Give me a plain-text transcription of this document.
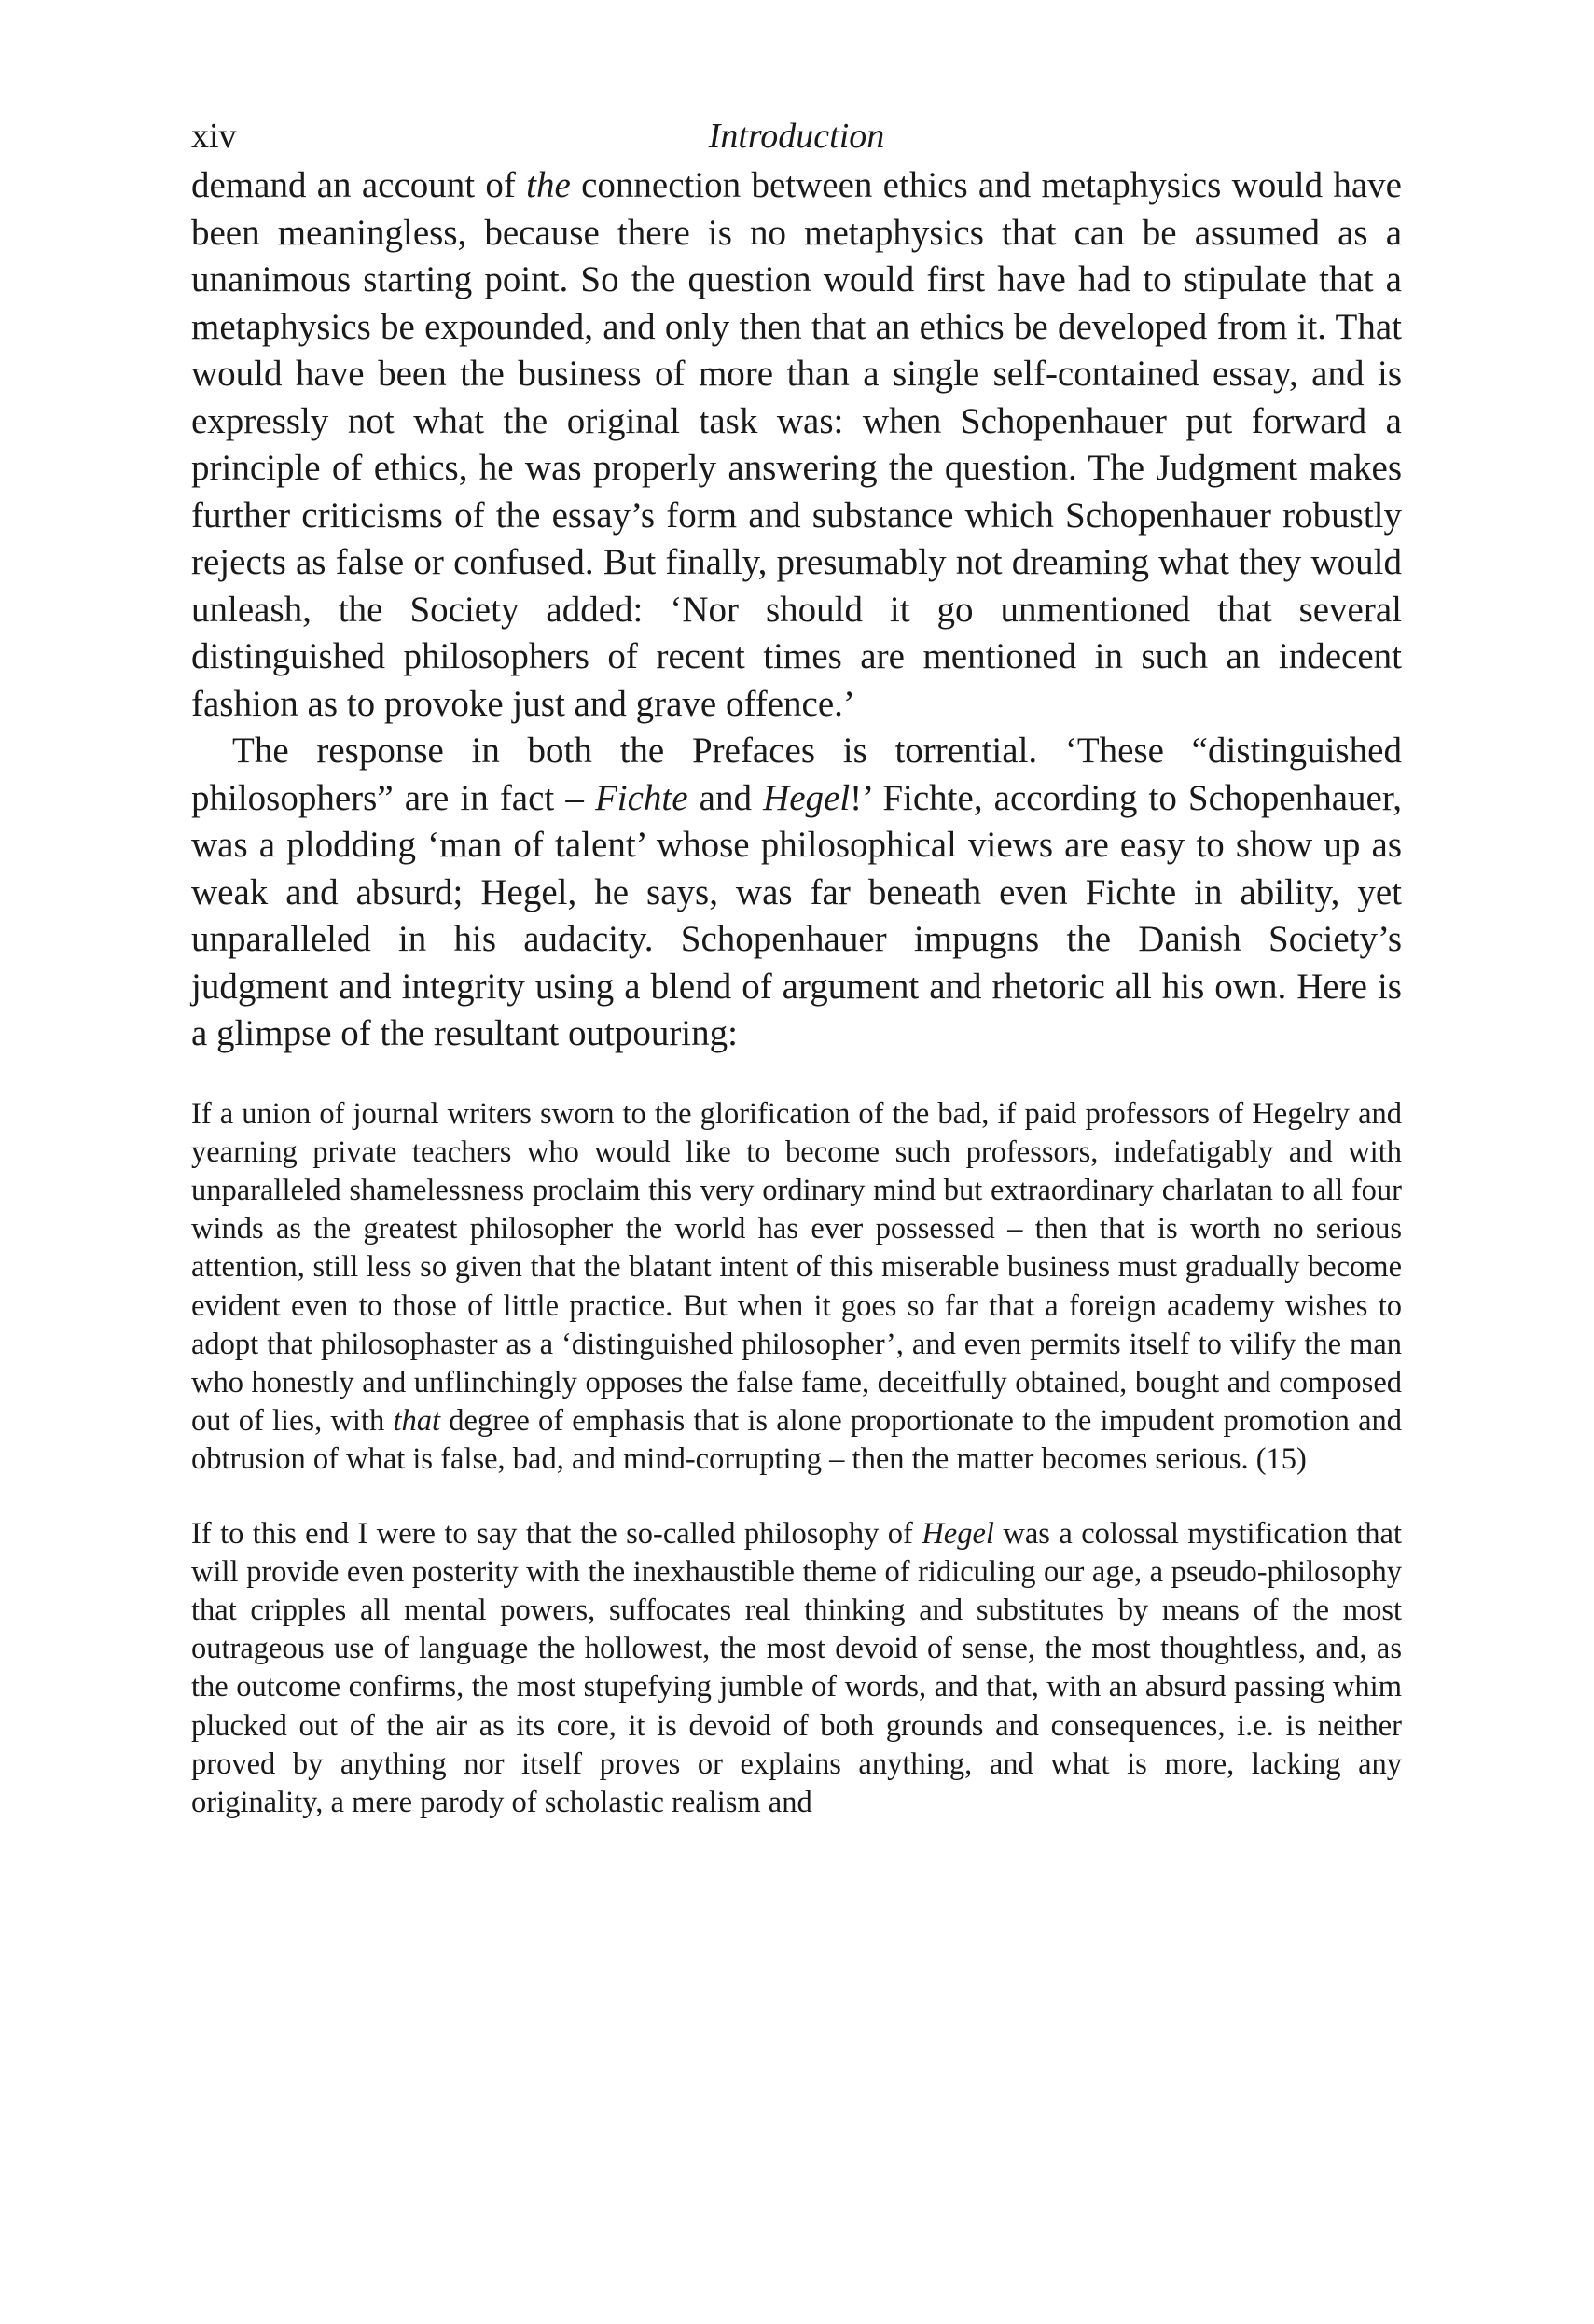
xiv	Introduction

demand an account of the connection between ethics and metaphysics would have been meaningless, because there is no metaphysics that can be assumed as a unanimous starting point. So the question would first have had to stipulate that a metaphysics be expounded, and only then that an ethics be developed from it. That would have been the business of more than a single self-contained essay, and is expressly not what the original task was: when Schopenhauer put forward a principle of ethics, he was properly answering the question. The Judgment makes further criticisms of the essay’s form and substance which Schopenhauer robustly rejects as false or confused. But finally, presumably not dreaming what they would unleash, the Society added: ‘Nor should it go unmentioned that several distinguished philosophers of recent times are mentioned in such an indecent fashion as to provoke just and grave offence.’

The response in both the Prefaces is torrential. ‘These “distinguished philosophers” are in fact – Fichte and Hegel!’ Fichte, according to Schopenhauer, was a plodding ‘man of talent’ whose philosophical views are easy to show up as weak and absurd; Hegel, he says, was far beneath even Fichte in ability, yet unparalleled in his audacity. Schopenhauer impugns the Danish Society’s judgment and integrity using a blend of argument and rhetoric all his own. Here is a glimpse of the resultant outpouring:

If a union of journal writers sworn to the glorification of the bad, if paid professors of Hegelry and yearning private teachers who would like to become such professors, indefatigably and with unparalleled shamelessness proclaim this very ordinary mind but extraordinary charlatan to all four winds as the greatest philosopher the world has ever possessed – then that is worth no serious attention, still less so given that the blatant intent of this miserable business must gradually become evident even to those of little practice. But when it goes so far that a foreign academy wishes to adopt that philosophaster as a ‘distinguished philosopher’, and even permits itself to vilify the man who honestly and unflinchingly opposes the false fame, deceitfully obtained, bought and composed out of lies, with that degree of emphasis that is alone proportionate to the impudent promotion and obtrusion of what is false, bad, and mind-corrupting – then the matter becomes serious. (15)

If to this end I were to say that the so-called philosophy of Hegel was a colossal mystification that will provide even posterity with the inexhaustible theme of ridiculing our age, a pseudo-philosophy that cripples all mental powers, suffocates real thinking and substitutes by means of the most outrageous use of language the hollowest, the most devoid of sense, the most thoughtless, and, as the outcome confirms, the most stupefying jumble of words, and that, with an absurd passing whim plucked out of the air as its core, it is devoid of both grounds and consequences, i.e. is neither proved by anything nor itself proves or explains anything, and what is more, lacking any originality, a mere parody of scholastic realism and
